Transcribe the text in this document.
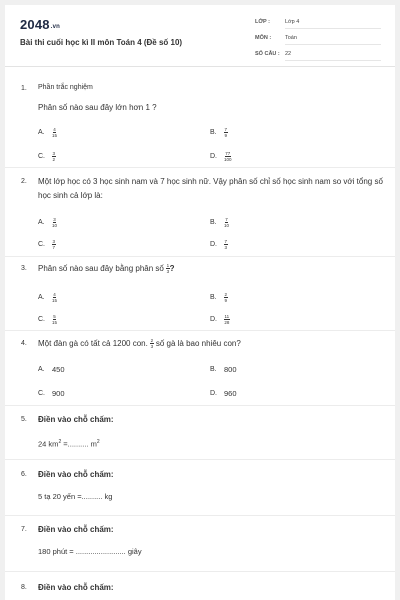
2048.vn
Bài thi cuối học kì II môn Toán 4 (Đề số 10)
LỚP :	Lớp 4
MÔN :	Toán
SỐ CÂU : 22
1. Phần trắc nghiệm
Phân số nào sau đây lớn hơn 1 ?
A.	$\frac{4}{15}$	B.	$\frac{7}{9}$
C.	$\frac{3}{2}$	D.	$\frac{77}{100}$
2. Một lớp học có 3 học sinh nam và 7 học sinh nữ. Vậy phân số chỉ số học sinh nam so với tổng số học sinh cả lớp là:
A.	$\frac{3}{10}$	B.	$\frac{7}{10}$
C.	$\frac{3}{7}$	D.	$\frac{7}{3}$
3. Phân số nào sau đây bằng phân số $\frac{1}{3}$ ?
A.	$\frac{4}{15}$	B.	$\frac{2}{9}$
C.	$\frac{5}{15}$	D.	$\frac{11}{28}$
4. Một đàn gà có tất cả 1200 con. $\frac{2}{3}$ số gà là bao nhiêu con?
A. 450	B. 800
C. 900	D. 960
5. Điền vào chỗ chấm:
24 $km^2$ =.......... $m^2$
6. Điền vào chỗ chấm:
5 tạ 20 yến =.......... kg
7. Điền vào chỗ chấm:
180 phút = ........................ giây
8. Điền vào chỗ chấm:
